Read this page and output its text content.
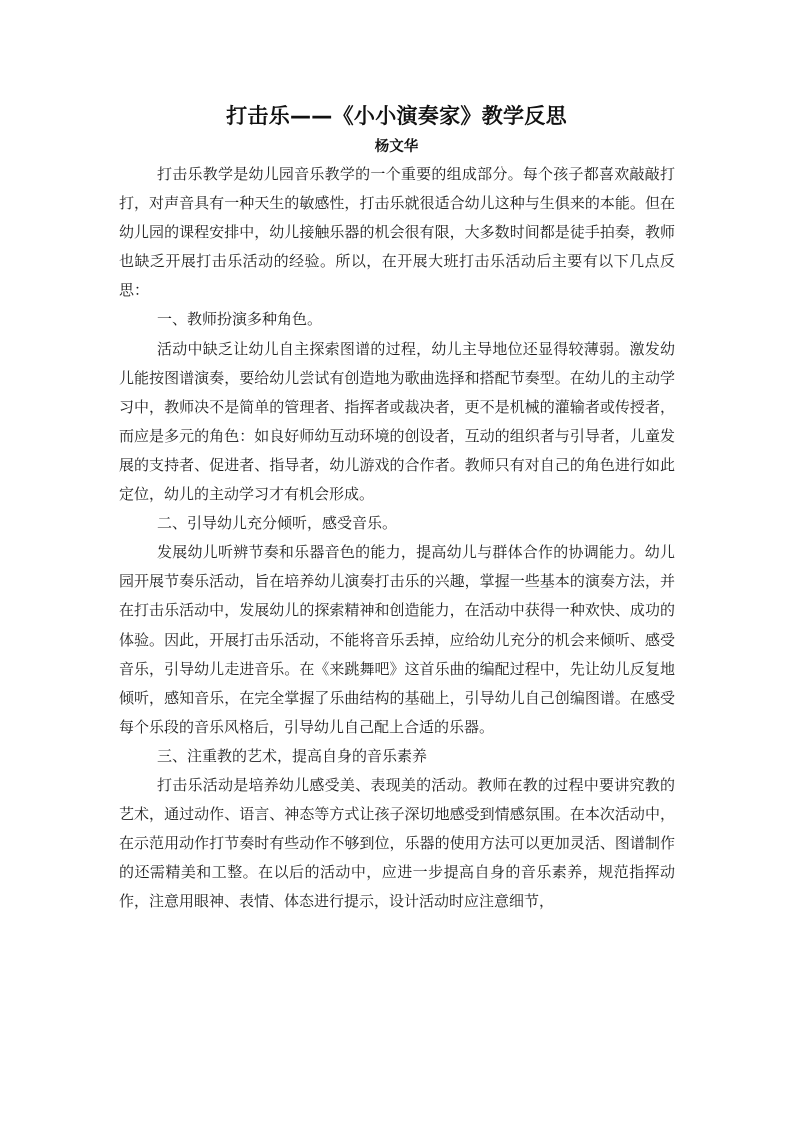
打击乐——《小小演奏家》教学反思
杨文华

打击乐教学是幼儿园音乐教学的一个重要的组成部分。每个孩子都喜欢敲敲打打，对声音具有一种天生的敏感性，打击乐就很适合幼儿这种与生俱来的本能。但在幼儿园的课程安排中，幼儿接触乐器的机会很有限，大多数时间都是徒手拍奏，教师也缺乏开展打击乐活动的经验。所以，在开展大班打击乐活动后主要有以下几点反思：

一、教师扮演多种角色。

活动中缺乏让幼儿自主探索图谱的过程，幼儿主导地位还显得较薄弱。激发幼儿能按图谱演奏，要给幼儿尝试有创造地为歌曲选择和搭配节奏型。在幼儿的主动学习中，教师决不是简单的管理者、指挥者或裁决者，更不是机械的灌输者或传授者，而应是多元的角色：如良好师幼互动环境的创设者，互动的组织者与引导者，儿童发展的支持者、促进者、指导者，幼儿游戏的合作者。教师只有对自己的角色进行如此定位，幼儿的主动学习才有机会形成。

二、引导幼儿充分倾听，感受音乐。

发展幼儿听辨节奏和乐器音色的能力，提高幼儿与群体合作的协调能力。幼儿园开展节奏乐活动，旨在培养幼儿演奏打击乐的兴趣，掌握一些基本的演奏方法，并在打击乐活动中，发展幼儿的探索精神和创造能力，在活动中获得一种欢快、成功的体验。因此，开展打击乐活动，不能将音乐丢掉，应给幼儿充分的机会来倾听、感受音乐，引导幼儿走进音乐。在《来跳舞吧》这首乐曲的编配过程中，先让幼儿反复地倾听，感知音乐，在完全掌握了乐曲结构的基础上，引导幼儿自己创编图谱。在感受每个乐段的音乐风格后，引导幼儿自己配上合适的乐器。

三、注重教的艺术，提高自身的音乐素养

打击乐活动是培养幼儿感受美、表现美的活动。教师在教的过程中要讲究教的艺术，通过动作、语言、神态等方式让孩子深切地感受到情感氛围。在本次活动中，在示范用动作打节奏时有些动作不够到位，乐器的使用方法可以更加灵活、图谱制作的还需精美和工整。在以后的活动中，应进一步提高自身的音乐素养，规范指挥动作，注意用眼神、表情、体态进行提示，设计活动时应注意细节，
